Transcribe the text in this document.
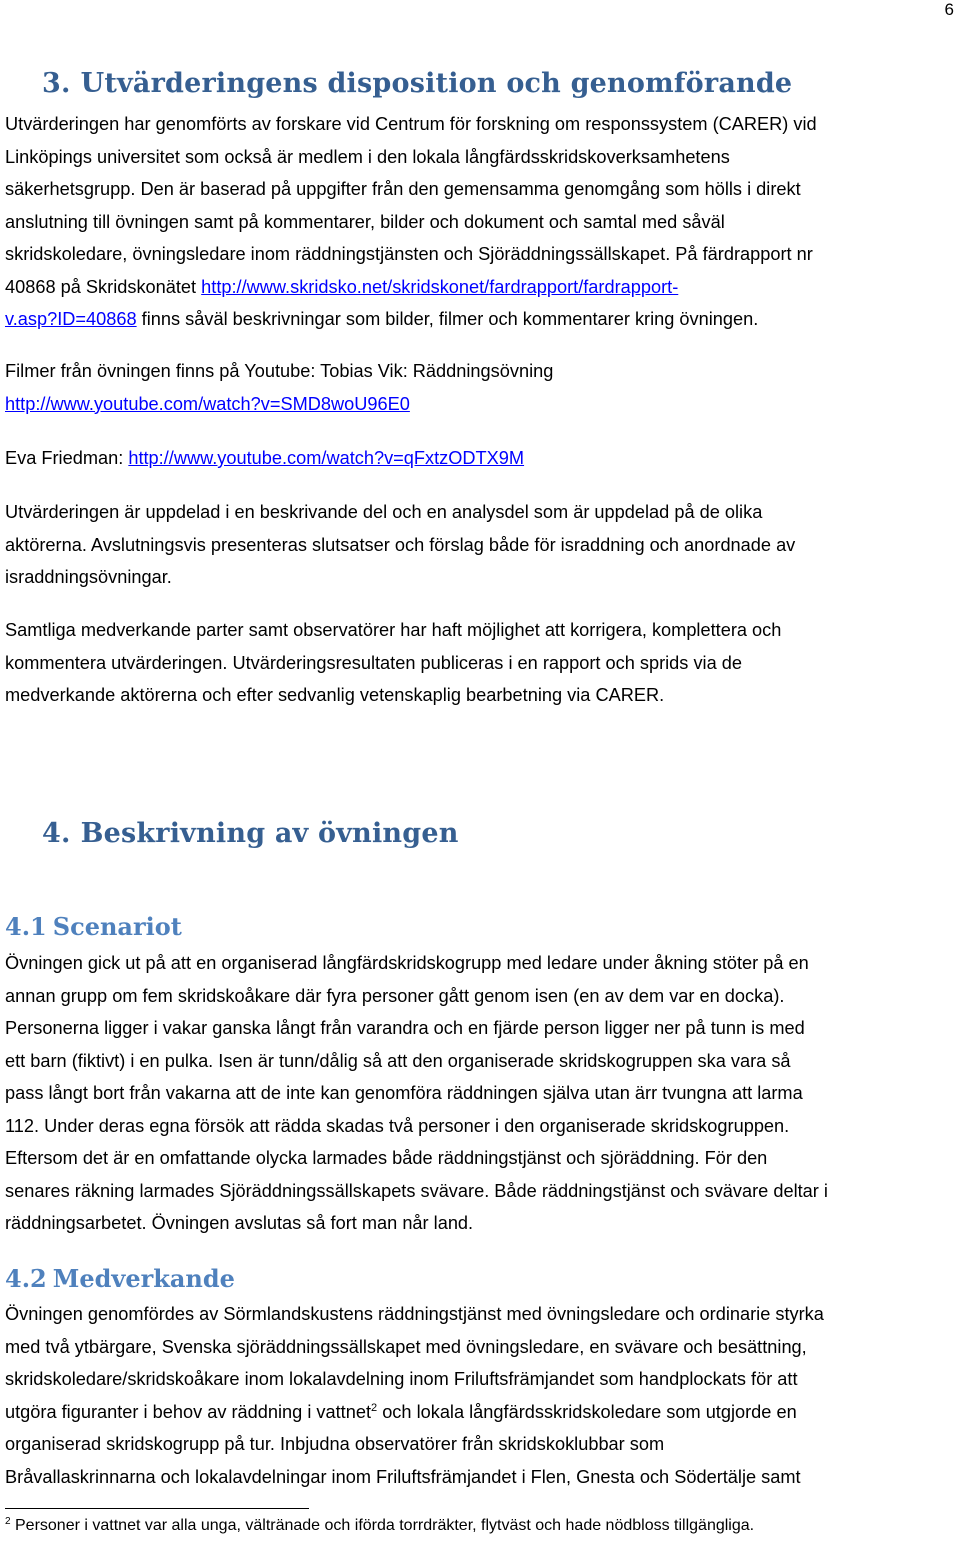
6
3. Utvärderingens disposition och genomförande
Utvärderingen har genomförts av forskare vid Centrum för forskning om responssystem (CARER) vid
Linköpings universitet som också är medlem i den lokala långfärdsskridskoverksamhetens
säkerhetsgrupp. Den är baserad på uppgifter från den gemensamma genomgång som hölls i direkt
anslutning till övningen samt på kommentarer, bilder och dokument och samtal med såväl
skridskoledare, övningsledare inom räddningstjänsten och Sjöräddningssällskapet. På färdrapport nr
40868 på Skridskonätet http://www.skridsko.net/skridskonet/fardrapport/fardrapport-
v.asp?ID=40868 finns såväl beskrivningar som bilder, filmer och kommentarer kring övningen.
Filmer från övningen finns på Youtube: Tobias Vik: Räddningsövning
http://www.youtube.com/watch?v=SMD8woU96E0
Eva Friedman: http://www.youtube.com/watch?v=qFxtzODTX9M
Utvärderingen är uppdelad i en beskrivande del och en analysdel som är uppdelad på de olika
aktörerna. Avslutningsvis presenteras slutsatser och förslag både för israddning och anordnade av
israddningsövningar.
Samtliga medverkande parter samt observatörer har haft möjlighet att korrigera, komplettera och
kommentera utvärderingen. Utvärderingsresultaten publiceras i en rapport och sprids via de
medverkande aktörerna och efter sedvanlig vetenskaplig bearbetning via CARER.
4. Beskrivning av övningen
4.1 Scenariot
Övningen gick ut på att en organiserad långfärdskridskogrupp med ledare under åkning stöter på en
annan grupp om fem skridskoåkare där fyra personer gått genom isen (en av dem var en docka).
Personerna ligger i vakar ganska långt från varandra och en fjärde person ligger ner på tunn is med
ett barn (fiktivt) i en pulka. Isen är tunn/dålig så att den organiserade skridskogruppen ska vara så
pass långt bort från vakarna att de inte kan genomföra räddningen själva utan ärr tvungna att larma
112. Under deras egna försök att rädda skadas två personer i den organiserade skridskogruppen.
Eftersom det är en omfattande olycka larmades både räddningstjänst och sjöräddning. För den
senares räkning larmades Sjöräddningssällskapets svävare. Både räddningstjänst och svävare deltar i
räddningsarbetet. Övningen avslutas så fort man når land.
4.2 Medverkande
Övningen genomfördes av Sörmlandskustens räddningstjänst med övningsledare och ordinarie styrka
med två ytbärgare, Svenska sjöräddningssällskapet med övningsledare, en svävare och besättning,
skridskoledare/skridskoåkare inom lokalavdelning inom Friluftsfrämjandet som handplockats för att
utgöra figuranter i behov av räddning i vattnet$^2$ och lokala långfärdsskridskoledare som utgjorde en
organiserad skridskogrupp på tur. Inbjudna observatörer från skridskoklubbar som
Bråvallaskrinnarna och lokalavdelningar inom Friluftsfrämjandet i Flen, Gnesta och Södertälje samt
$^2$ Personer i vattnet var alla unga, vältränade och iförda torrdräkter, flytväst och hade nödbloss tillgängliga.
